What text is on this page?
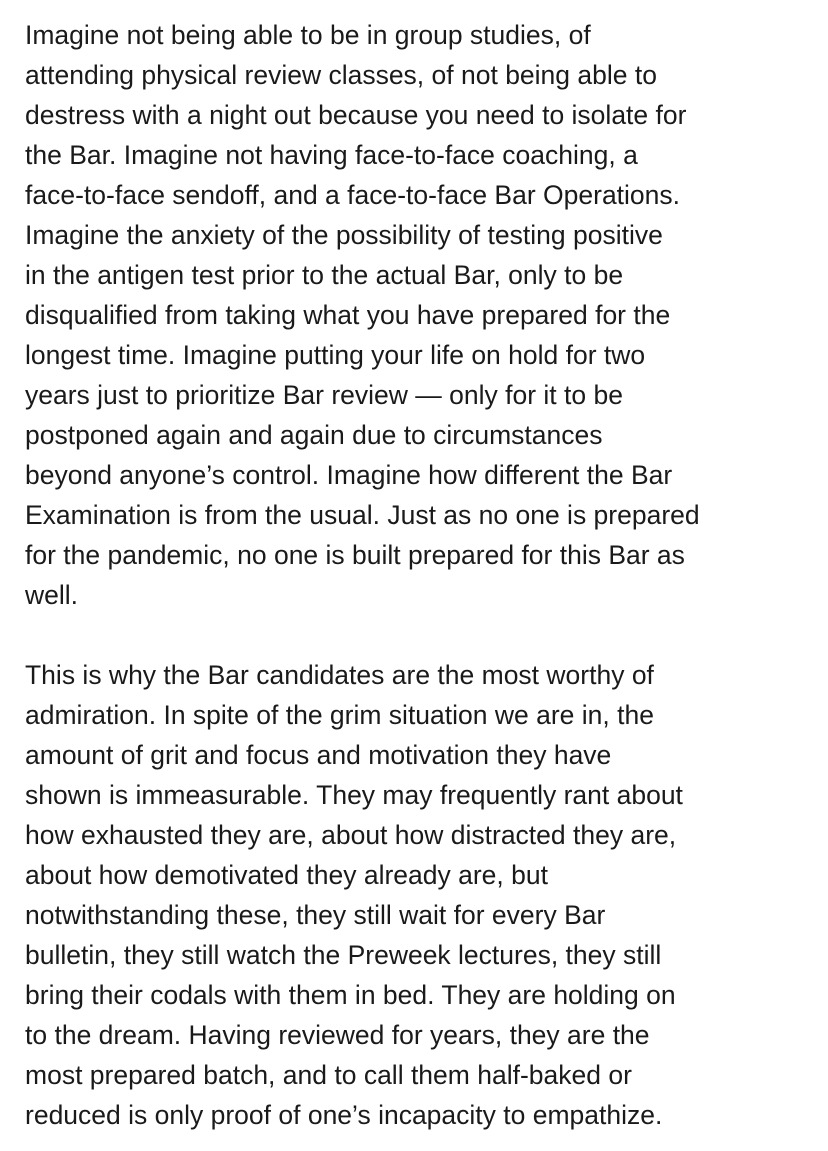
Imagine not being able to be in group studies, of
attending physical review classes, of not being able to
destress with a night out because you need to isolate for
the Bar. Imagine not having face-to-face coaching, a
face-to-face sendoff, and a face-to-face Bar Operations.
Imagine the anxiety of the possibility of testing positive
in the antigen test prior to the actual Bar, only to be
disqualified from taking what you have prepared for the
longest time. Imagine putting your life on hold for two
years just to prioritize Bar review — only for it to be
postponed again and again due to circumstances
beyond anyone’s control. Imagine how different the Bar
Examination is from the usual. Just as no one is prepared
for the pandemic, no one is built prepared for this Bar as
well.
This is why the Bar candidates are the most worthy of
admiration. In spite of the grim situation we are in, the
amount of grit and focus and motivation they have
shown is immeasurable. They may frequently rant about
how exhausted they are, about how distracted they are,
about how demotivated they already are, but
notwithstanding these, they still wait for every Bar
bulletin, they still watch the Preweek lectures, they still
bring their codals with them in bed. They are holding on
to the dream. Having reviewed for years, they are the
most prepared batch, and to call them half-baked or
reduced is only proof of one’s incapacity to empathize.
